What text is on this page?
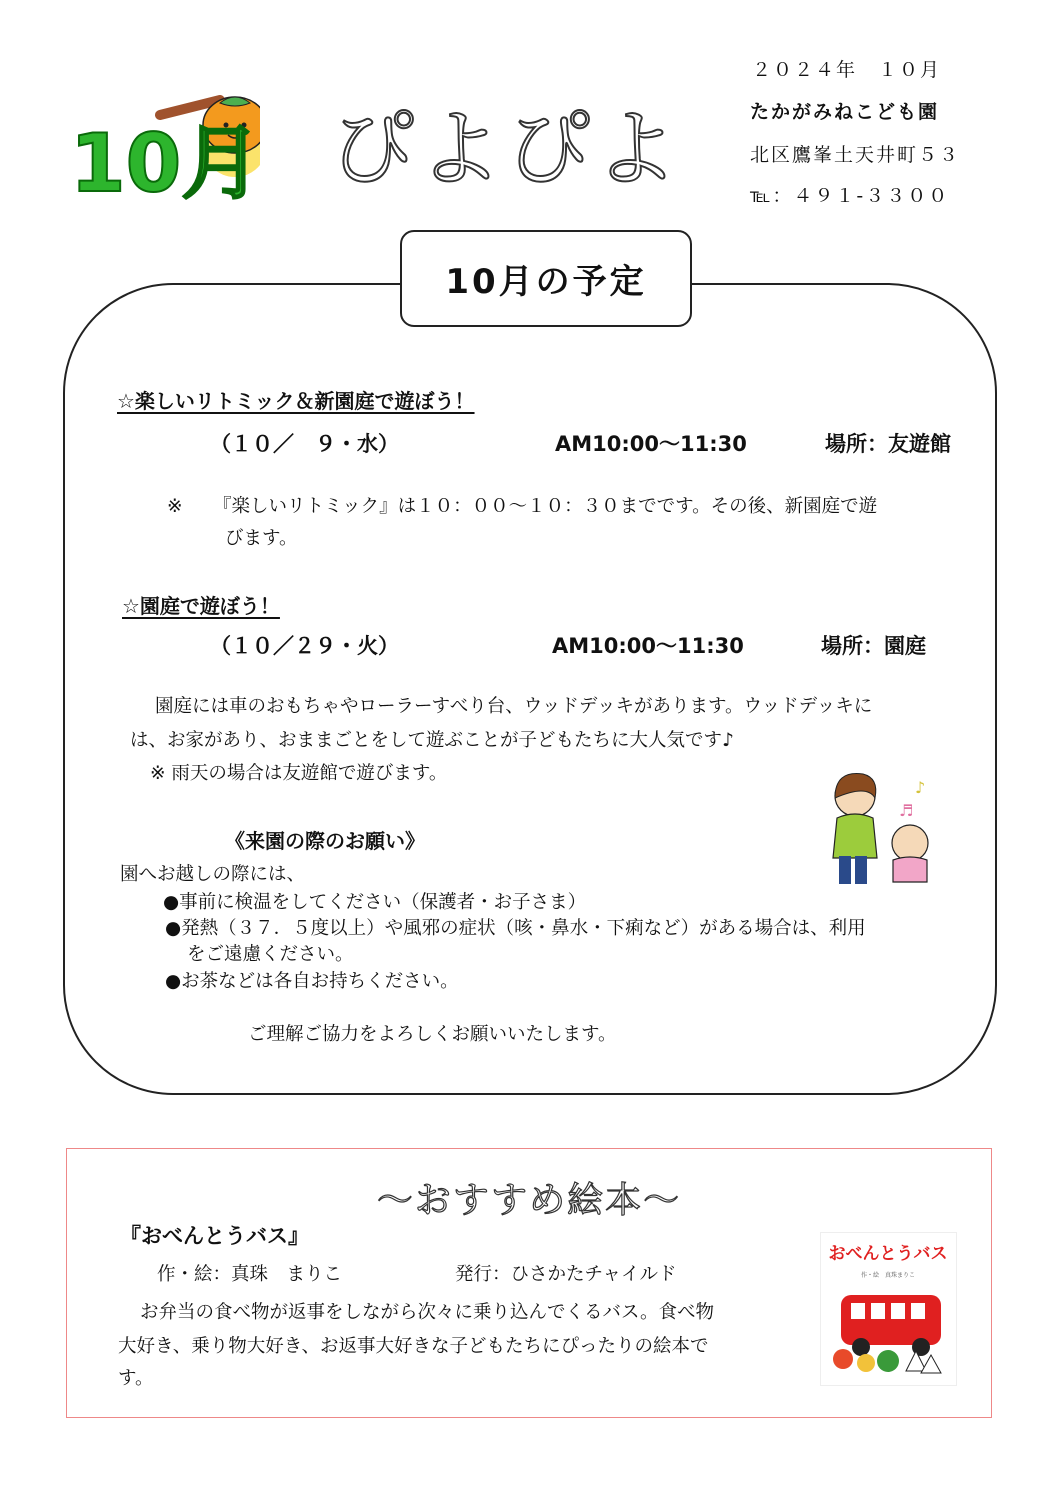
10月 ぴよぴよ
２０２４年　１０月
たかがみねこども園
北区鷹峯土天井町５３
℡：４９１-３３００
10月の予定
☆楽しいリトミック＆新園庭で遊ぼう！
（１０／　９・水）	AM10:00～11:30	場所：友遊館
※ 『楽しいリトミック』は１０：００～１０：３０までです。その後、新園庭で遊
びます。
☆園庭で遊ぼう！
（１０／２９・火）	AM10:00～11:30	場所：園庭
園庭には車のおもちゃやローラーすべり台、ウッドデッキがあります。ウッドデッキに
は、お家があり、おままごとをして遊ぶことが子どもたちに大人気です♪
※ 雨天の場合は友遊館で遊びます。
♪
♬
《来園の際のお願い》
園へお越しの際には、
●事前に検温をしてください（保護者・お子さま）
●発熱（３７．５度以上）や風邪の症状（咳・鼻水・下痢など）がある場合は、利用
をご遠慮ください。
●お茶などは各自お持ちください。
ご理解ご協力をよろしくお願いいたします。
～おすすめ絵本～
『おべんとうバス』
作・絵：真珠　まりこ	発行：ひさかたチャイルド
お弁当の食べ物が返事をしながら次々に乗り込んでくるバス。食べ物
大好き、乗り物大好き、お返事大好きな子どもたちにぴったりの絵本で
す。
おべんとうバス
作・絵　真珠まりこ
